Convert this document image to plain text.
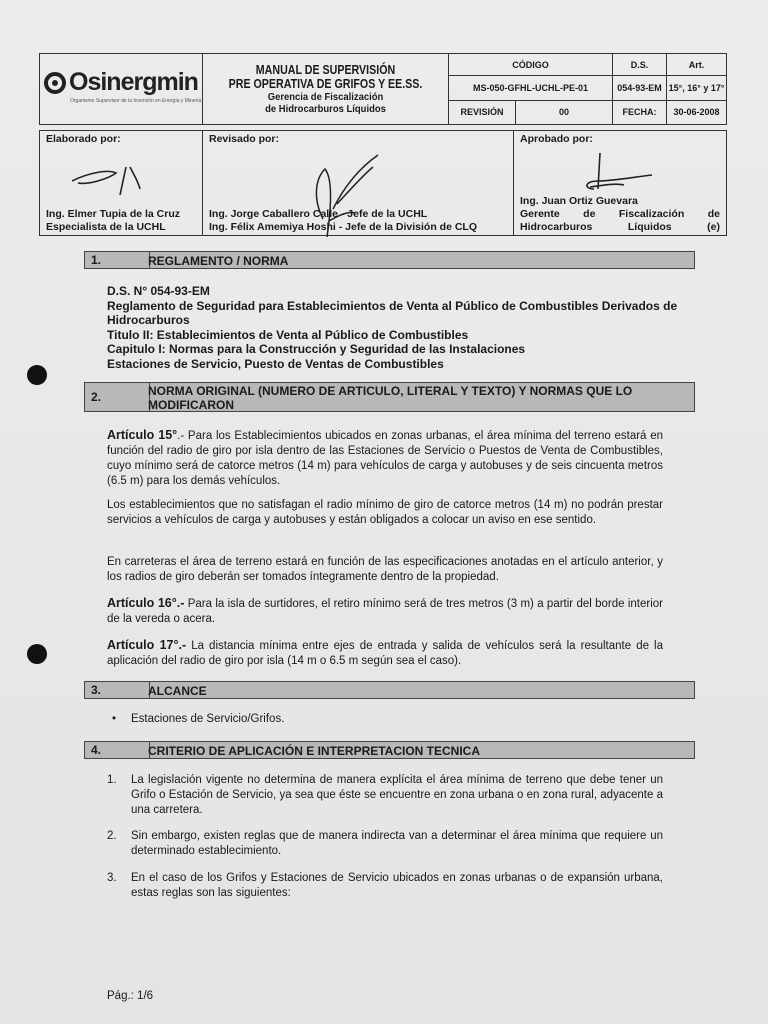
Osinergmin
Organismo Supervisor de la Inversión en Energía y Minería	MANUAL DE SUPERVISIÓN
PRE OPERATIVA DE GRIFOS Y EE.SS.
Gerencia de Fiscalización
de Hidrocarburos Líquidos	CÓDIGO		D.S.	Art.
		MS-050-GFHL-UCHL-PE-01		054-93-EM	15°, 16° y 17°
		REVISIÓN	00	FECHA:	30-06-2008
Elaborado por:
Ing. Elmer Tupia de la Cruz
Especialista de la UCHL

Revisado por:
Ing. Jorge Caballero Calle - Jefe de la UCHL
Ing. Félix Amemiya Hoshi - Jefe de la División de CLQ

Aprobado por:
Ing. Juan Ortiz Guevara
Gerente de Fiscalización de Hidrocarburos Líquidos (e)
1.	REGLAMENTO / NORMA
D.S. N° 054-93-EM
Reglamento de Seguridad para Establecimientos de Venta al Público de Combustibles Derivados de Hidrocarburos
Titulo II: Establecimientos de Venta al Público de Combustibles
Capitulo I: Normas para la Construcción y Seguridad de las Instalaciones
Estaciones de Servicio, Puesto de Ventas de Combustibles
2.	NORMA ORIGINAL (NUMERO DE ARTICULO, LITERAL Y TEXTO) Y NORMAS QUE LO MODIFICARON
Artículo 15°.- Para los Establecimientos ubicados en zonas urbanas, el área mínima del terreno estará en función del radio de giro por isla dentro de las Estaciones de Servicio o Puestos de Venta de Combustibles, cuyo mínimo será de catorce metros (14 m) para vehículos de carga y autobuses y de seis cincuenta metros (6.5 m) para los demás vehículos.
Los establecimientos que no satisfagan el radio mínimo de giro de catorce metros (14 m) no podrán prestar servicios a vehículos de carga y autobuses y están obligados a colocar un aviso en ese sentido.
En carreteras el área de terreno estará en función de las especificaciones anotadas en el artículo anterior, y los radios de giro deberán ser tomados íntegramente dentro de la propiedad.
Artículo 16°.- Para la isla de surtidores, el retiro mínimo será de tres metros (3 m) a partir del borde interior de la vereda o acera.
Artículo 17°.- La distancia mínima entre ejes de entrada y salida de vehículos será la resultante de la aplicación del radio de giro por isla (14 m o 6.5 m según sea el caso).
3.	ALCANCE
• Estaciones de Servicio/Grifos.
4.	CRITERIO DE APLICACIÓN E INTERPRETACION TECNICA
1. La legislación vigente no determina de manera explícita el área mínima de terreno que debe tener un Grifo o Estación de Servicio, ya sea que éste se encuentre en zona urbana o en zona rural, adyacente a una carretera.
2. Sin embargo, existen reglas que de manera indirecta van a determinar el área mínima que requiere un determinado establecimiento.
3. En el caso de los Grifos y Estaciones de Servicio ubicados en zonas urbanas o de expansión urbana, estas reglas son las siguientes:
Pág.: 1/6
